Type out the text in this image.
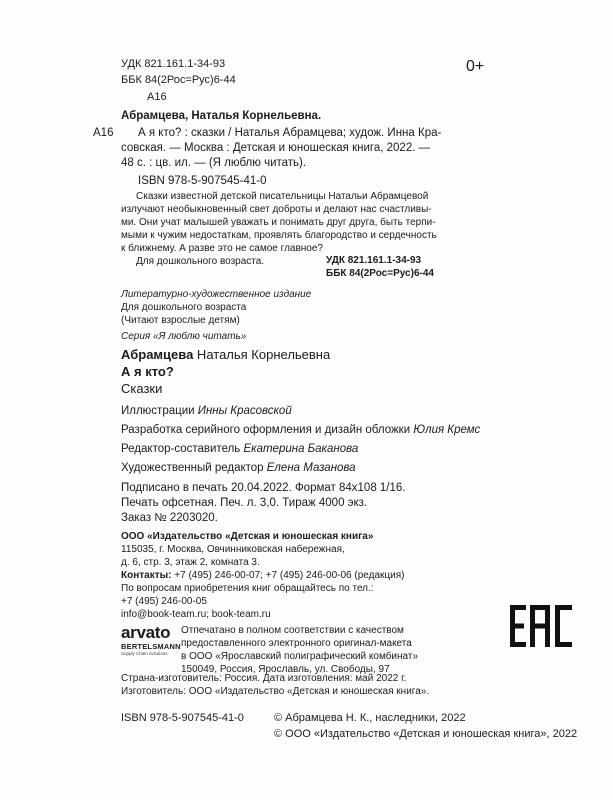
УДК 821.161.1-34-93
ББК 84(2Рос=Рус)6-44
А16
0+
Абрамцева, Наталья Корнельевна.
А16 А я кто? : сказки / Наталья Абрамцева; худож. Инна Кра-
совская. — Москва : Детская и юношеская книга, 2022. —
48 с. : цв. ил. — (Я люблю читать).
ISBN 978-5-907545-41-0
Сказки известной детской писательницы Натальи Абрамцевой
излучают необыкновенный свет доброты и делают нас счастливы-
ми. Они учат малышей уважать и понимать друг друга, быть терпи-
мыми к чужим недостаткам, проявлять благородство и сердечность
к ближнему. А разве это не самое главное?
Для дошкольного возраста.	УДК 821.161.1-34-93
ББК 84(2Рос=Рус)6-44
Литературно-художественное издание
Для дошкольного возраста
(Читают взрослые детям)
Серия «Я люблю читать»
Абрамцева Наталья Корнельевна
А я кто?
Сказки
Иллюстрации Инны Красовской
Разработка серийного оформления и дизайн обложки Юлия Кремс
Редактор-составитель Екатерина Баканова
Художественный редактор Елена Мазанова
Подписано в печать 20.04.2022. Формат 84х108 1/16.
Печать офсетная. Печ. л. 3,0. Тираж 4000 экз.
Заказ № 2203020.
ООО «Издательство «Детская и юношеская книга»
115035, г. Москва, Овчинниковская набережная,
д. 6, стр. 3, этаж 2, комната 3.
Контакты: +7 (495) 246-00-07; +7 (495) 246-00-06 (редакция)
По вопросам приобретения книг обращайтесь по тел.:
+7 (495) 246-00-05
info@book-team.ru; book-team.ru
arvato
BERTELSMANN
Supply Chain Solutions
Отпечатано в полном соответствии с качеством
предоставленного электронного оригинал-макета
в ООО «Ярославский полиграфический комбинат»
150049, Россия, Ярославль, ул. Свободы, 97
Страна-изготовитель: Россия. Дата изготовления: май 2022 г.
Изготовитель: ООО «Издательство «Детская и юношеская книга».
ISBN 978-5-907545-41-0	© Абрамцева Н. К., наследники, 2022
© ООО «Издательство «Детская и юношеская книга», 2022
